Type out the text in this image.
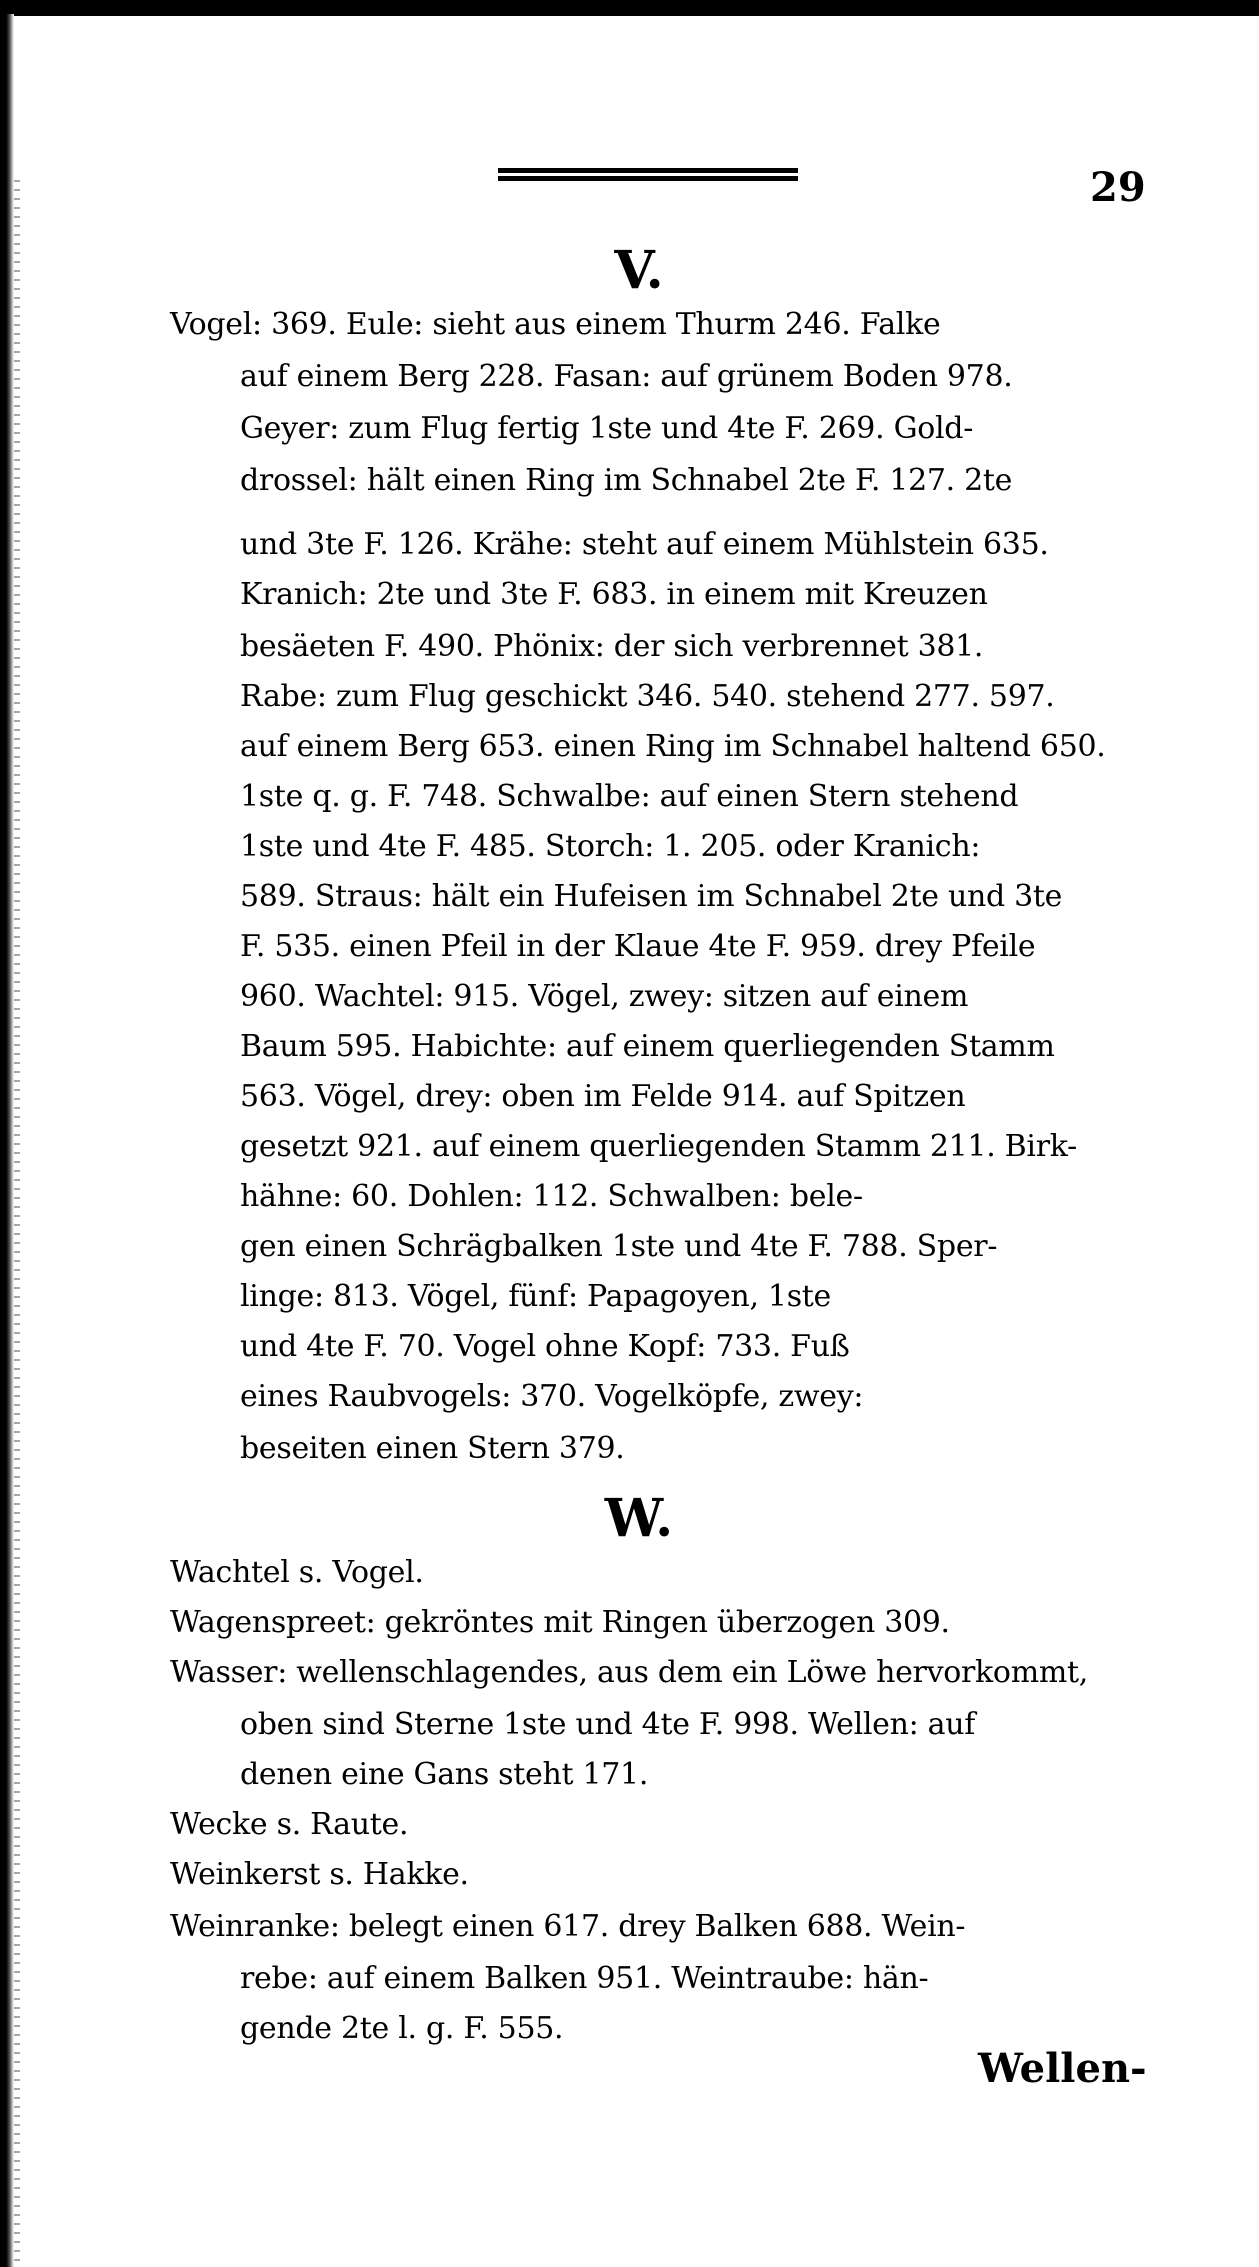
29
V.
Vogel: 369. Eule: sieht aus einem Thurm 246. Falke
auf einem Berg 228. Fasan: auf grünem Boden 978.
Geyer: zum Flug fertig 1ste und 4te F. 269. Gold-
drossel: hält einen Ring im Schnabel 2te F. 127. 2te
und 3te F. 126. Krähe: steht auf einem Mühlstein 635.
Kranich: 2te und 3te F. 683. in einem mit Kreuzen
besäeten F. 490. Phönix: der sich verbrennet 381.
Rabe: zum Flug geschickt 346. 540. stehend 277. 597.
auf einem Berg 653. einen Ring im Schnabel haltend 650.
1ste q. g. F. 748. Schwalbe: auf einen Stern stehend
1ste und 4te F. 485. Storch: 1. 205. oder Kranich:
589. Straus: hält ein Hufeisen im Schnabel 2te und 3te
F. 535. einen Pfeil in der Klaue 4te F. 959. drey Pfeile
960. Wachtel: 915. Vögel, zwey: sitzen auf einem
Baum 595. Habichte: auf einem querliegenden Stamm
563. Vögel, drey: oben im Felde 914. auf Spitzen
gesetzt 921. auf einem querliegenden Stamm 211. Birk-
hähne: 60. Dohlen: 112. Schwalben: bele-
gen einen Schrägbalken 1ste und 4te F. 788. Sper-
linge: 813. Vögel, fünf: Papagoyen, 1ste
und 4te F. 70. Vogel ohne Kopf: 733. Fuß
eines Raubvogels: 370. Vogelköpfe, zwey:
beseiten einen Stern 379.
W.
Wachtel s. Vogel.
Wagenspreet: gekröntes mit Ringen überzogen 309.
Wasser: wellenschlagendes, aus dem ein Löwe hervorkommt,
oben sind Sterne 1ste und 4te F. 998. Wellen: auf
denen eine Gans steht 171.
Wecke s. Raute.
Weinkerst s. Hakke.
Weinranke: belegt einen 617. drey Balken 688. Wein-
rebe: auf einem Balken 951. Weintraube: hän-
gende 2te l. g. F. 555.
Wellen-
